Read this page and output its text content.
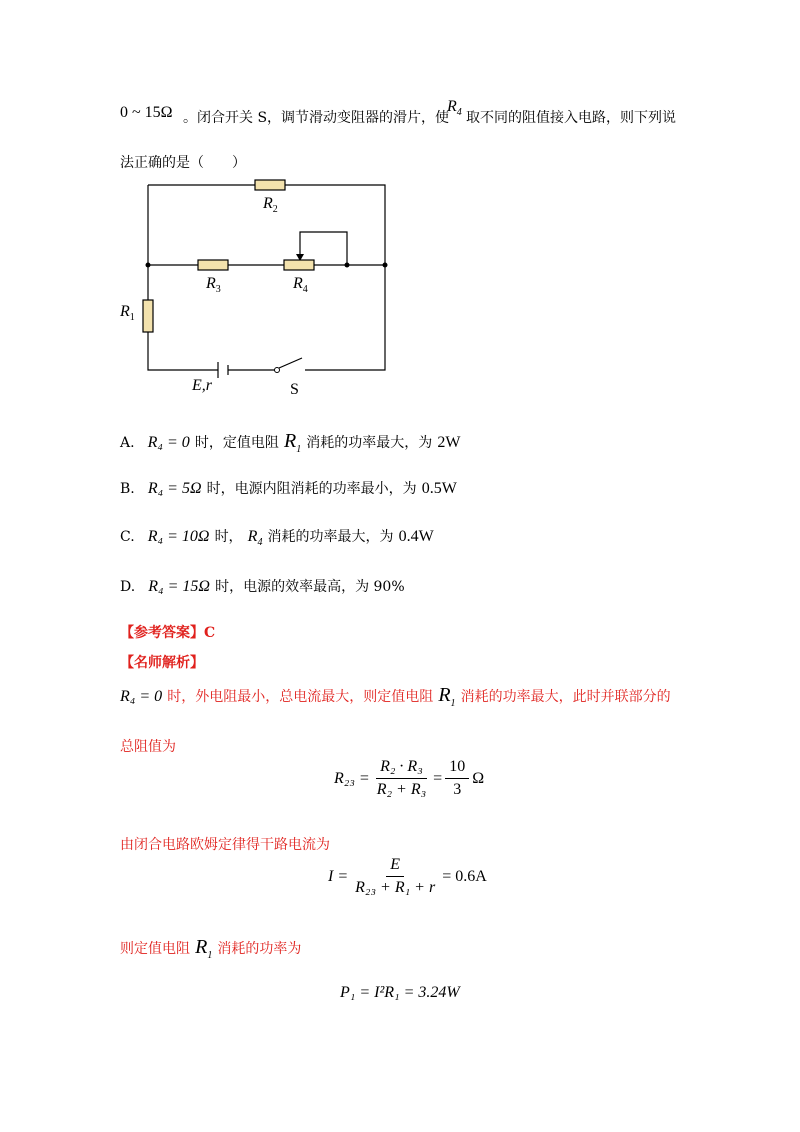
0 ~ 15Ω 。闭合开关 S，调节滑动变阻器的滑片，使
$R_4$ 取不同的阻值接入电路，则下列说
法正确的是（　　）
$R_2$
$R_3$	$R_4$
$R_1$
E,r	S
A. R₄ = 0 时，定值电阻 $R_1$ 消耗的功率最大，为 2W
B. R₄ = 5Ω 时，电源内阻消耗的功率最小，为 0.5W
C. R₄ = 10Ω 时， $R_4$ 消耗的功率最大，为 0.4W
D. R₄ = 15Ω 时，电源的效率最高，为 90%
【参考答案】C
【名师解析】
R₄ = 0 时，外电阻最小，总电流最大，则定值电阻 $R_1$ 消耗的功率最大，此时并联部分的
总阻值为
$R_{23} = \frac{\text{R₂ · R₃}}{\text{R₂ + R₃}} = \frac{10}{3}$ Ω
由闭合电路欧姆定律得干路电流为
$I = \frac{E}{\text{R₂₃ + R₁ + r}} = 0.6A$
则定值电阻 $R_1$ 消耗的功率为
P₁ = I²R₁ = 3.24W
